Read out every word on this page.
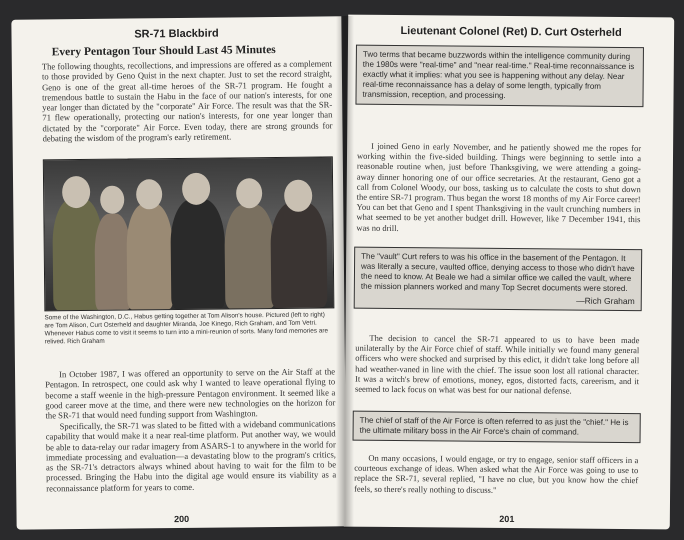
SR-71 Blackbird
Every Pentagon Tour Should Last 45 Minutes

The following thoughts, recollections, and impressions are offered as a complement to those provided by Geno Quist in the next chapter. Just to set the record straight, Geno is one of the great all-time heroes of the SR-71 program. He fought a tremendous battle to sustain the Habu in the face of our nation's interests, for one year longer than dictated by the "corporate" Air Force. The result was that the SR-71 flew operationally, protecting our nation's interests, for one year longer than dictated by the "corporate" Air Force. Even today, there are strong grounds for debating the wisdom of the program's early retirement.

Some of the Washington, D.C., Habus getting together at Tom Alison's house. Pictured (left to right) are Tom Alison, Curt Osterheld and daughter Miranda, Joe Kinego, Rich Graham, and Tom Vetri. Whenever Habus come to visit it seems to turn into a mini-reunion of sorts. Many fond memories are relived. Rich Graham

In October 1987, I was offered an opportunity to serve on the Air Staff at the Pentagon. In retrospect, one could ask why I wanted to leave operational flying to become a staff weenie in the high-pressure Pentagon environment. It seemed like a good career move at the time, and there were new technologies on the horizon for the SR-71 that would need funding support from Washington.

Specifically, the SR-71 was slated to be fitted with a wideband communications capability that would make it a near real-time platform. Put another way, we would be able to data-relay our radar imagery from ASARS-1 to anywhere in the world for immediate processing and evaluation—a devastating blow to the program's critics, as the SR-71's detractors always whined about having to wait for the film to be processed. Bringing the Habu into the digital age would ensure its viability as a reconnaissance platform for years to come.

200
Lieutenant Colonel (Ret) D. Curt Osterheld
Two terms that became buzzwords within the intelligence community during the 1980s were "real-time" and "near real-time." Real-time reconnaissance is exactly what it implies: what you see is happening without any delay. Near real-time reconnaissance has a delay of some length, typically from transmission, reception, and processing.

I joined Geno in early November, and he patiently showed me the ropes for working within the five-sided building. Things were beginning to settle into a reasonable routine when, just before Thanksgiving, we were attending a going-away dinner honoring one of our office secretaries. At the restaurant, Geno got a call from Colonel Woody, our boss, tasking us to calculate the costs to shut down the entire SR-71 program. Thus began the worst 18 months of my Air Force career! You can bet that Geno and I spent Thanksgiving in the vault crunching numbers in what seemed to be yet another budget drill. However, like 7 December 1941, this was no drill.

The "vault" Curt refers to was his office in the basement of the Pentagon. It was literally a secure, vaulted office, denying access to those who didn't have the need to know. At Beale we had a similar office we called the vault, where the mission planners worked and many Top Secret documents were stored.
—Rich Graham

The decision to cancel the SR-71 appeared to us to have been made unilaterally by the Air Force chief of staff. While initially we found many general officers who were shocked and surprised by this edict, it didn't take long before all had weather-vaned in line with the chief. The issue soon lost all rational character. It was a witch's brew of emotions, money, egos, distorted facts, careerism, and it seemed to lack focus on what was best for our national defense.

The chief of staff of the Air Force is often referred to as just the "chief." He is the ultimate military boss in the Air Force's chain of command.

On many occasions, I would engage, or try to engage, senior staff officers in a courteous exchange of ideas. When asked what the Air Force was going to use to replace the SR-71, several replied, "I have no clue, but you know how the chief feels, so there's really nothing to discuss."

201
